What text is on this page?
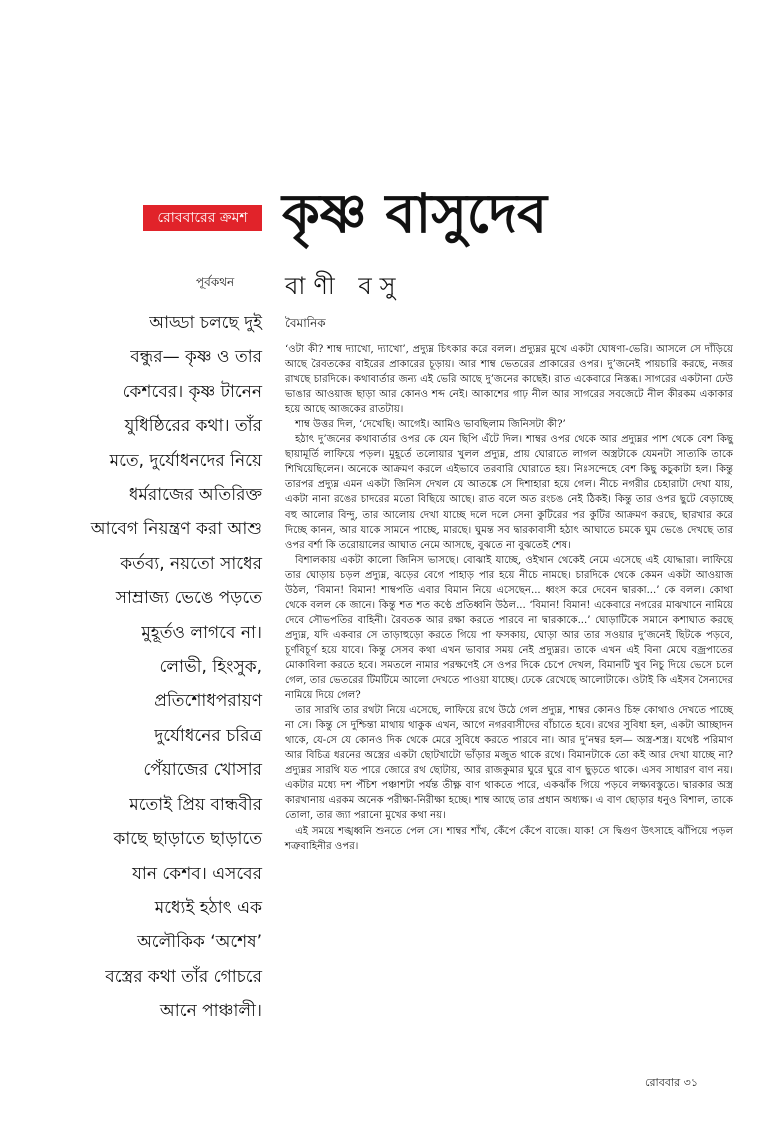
রোববারের ক্রমশ কৃষ্ণ বাসুদেব
পূর্বকথন বাণী বসু
আড্ডা চলছে দুই
বন্ধুর— কৃষ্ণ ও তার
কেশবের। কৃষ্ণ টানেন
যুধিষ্ঠিরের কথা। তাঁর
মতে, দুর্যোধনদের নিয়ে
ধর্মরাজের অতিরিক্ত
আবেগ নিয়ন্ত্রণ করা আশু
কর্তব্য, নয়তো সাধের
সাম্রাজ্য ভেঙে পড়তে
মুহূর্তও লাগবে না।
লোভী, হিংসুক,
প্রতিশোধপরায়ণ
দুর্যোধনের চরিত্র
পেঁয়াজের খোসার
মতোই প্রিয় বান্ধবীর
কাছে ছাড়াতে ছাড়াতে
যান কেশব। এসবের
মধ্যেই হঠাৎ এক
অলৌকিক ‘অশেষ’
বস্ত্রের কথা তাঁর গোচরে
আনে পাঞ্চালী।
বৈমানিক

‘ওটা কী? শাম্ব দ্যাখো, দ্যাখো’, প্রদ্যুম্ন চিৎকার করে বলল। প্রদ্যুম্নর মুখে একটা ঘোষণা-ভেরি। আসলে সে দাঁড়িয়ে আছে রৈবতকের বাইরের প্রাকারের চূড়ায়। আর শাম্ব ভেতরের প্রাকারের ওপর। দু’জনেই পায়চারি করছে, নজর রাখছে চারদিকে। কথাবার্তার জন্য এই ভেরি আছে দু’জনের কাছেই। রাত একেবারে নিস্তব্ধ। সাগরের একটানা ঢেউ ভাঙার আওয়াজ ছাড়া আর কোনও শব্দ নেই। আকাশের গাঢ় নীল আর সাগরের সবজেটে নীল কীরকম একাকার হয়ে আছে আজকের রাতটায়।

শাম্ব উত্তর দিল, ‘দেখেছি। আগেই। আমিও ভাবছিলাম জিনিসটা কী?’

হঠাৎ দু’জনের কথাবার্তার ওপর কে যেন ছিপি এঁটে দিল। শাম্বর ওপর থেকে আর প্রদ্যুম্নর পাশ থেকে বেশ কিছু ছায়ামূর্তি লাফিয়ে পড়ল। মুহূর্তে তলোয়ার খুলল প্রদ্যুম্ন, প্রায় ঘোরাতে লাগল অস্ত্রটাকে যেমনটা সাত্যকি তাকে শিখিয়েছিলেন। অনেকে আক্রমণ করলে এইভাবে তরবারি ঘোরাতে হয়। নিঃসন্দেহে বেশ কিছু কচুকাটা হল। কিন্তু তারপর প্রদ্যুম্ন এমন একটা জিনিস দেখল যে আতঙ্কে সে দিশাহারা হয়ে গেল। নীচে নগরীর চেহারাটা দেখা যায়, একটা নানা রঙের চাদরের মতো বিছিয়ে আছে। রাত বলে অত রংচঙ নেই ঠিকই। কিন্তু তার ওপর ছুটে বেড়াচ্ছে বহু আলোর বিন্দু, তার আলোয় দেখা যাচ্ছে দলে দলে সেনা কুটিরের পর কুটির আক্রমণ করছে, ছারখার করে দিচ্ছে কানন, আর যাকে সামনে পাচ্ছে, মারছে। ঘুমন্ত সব দ্বারকাবাসী হঠাৎ আঘাতে চমকে ঘুম ভেঙে দেখছে তার ওপর বর্শা কি তরোয়ালের আঘাত নেমে আসছে, বুঝতে না বুঝতেই শেষ।

বিশালকায় একটা কালো জিনিস ভাসছে। বোঝাই যাচ্ছে, ওইখান থেকেই নেমে এসেছে এই যোদ্ধারা। লাফিয়ে তার ঘোড়ায় চড়ল প্রদ্যুম্ন, ঝড়ের বেগে পাহাড় পার হয়ে নীচে নামছে। চারদিকে থেকে কেমন একটা আওয়াজ উঠল, ‘বিমান! বিমান! শাম্বপতি এবার বিমান নিয়ে এসেছেন... ধ্বংস করে দেবেন দ্বারকা...’ কে বলল। কোথা থেকে বলল কে জানে। কিন্তু শত শত কণ্ঠে প্রতিধ্বনি উঠল... ‘বিমান! বিমান! একেবারে নগরের মাঝখানে নামিয়ে দেবে সৌভপতির বাহিনী। রৈবতক আর রক্ষা করতে পারবে না দ্বারকাকে...’ ঘোড়াটিকে সমানে কশাঘাত করছে প্রদ্যুম্ন, যদি একবার সে তাড়াহুড়ো করতে গিয়ে পা ফসকায়, ঘোড়া আর তার সওয়ার দু’জনেই ছিটকে পড়বে, চূর্ণবিচূর্ণ হয়ে যাবে। কিন্তু সেসব কথা এখন ভাবার সময় নেই প্রদ্যুম্নর। তাকে এখন এই বিনা মেঘে বজ্রপাতের মোকাবিলা করতে হবে। সমতলে নামার পরক্ষণেই সে ওপর দিকে চেপে দেখল, বিমানটি খুব নিচু দিয়ে ভেসে চলে গেল, তার ভেতরের টিমটিমে আলো দেখতে পাওয়া যাচ্ছে। ঢেকে রেখেছে আলোটাকে। ওটাই কি এইসব সৈন্যদের নামিয়ে দিয়ে গেল?

তার সারথি তার রথটা নিয়ে এসেছে, লাফিয়ে রথে উঠে গেল প্রদ্যুম্ন, শাম্বর কোনও চিহ্ন কোথাও দেখতে পাচ্ছে না সে। কিন্তু সে দুশ্চিন্তা মাথায় থাকুক এখন, আগে নগরবাসীদের বাঁচাতে হবে। রথের সুবিধা হল, একটা আচ্ছাদন থাকে, যে-সে যে কোনও দিক থেকে মেরে সুবিধে করতে পারবে না। আর দু’নম্বর হল— অস্ত্র-শস্ত্র। যথেষ্ট পরিমাণ আর বিচিত্র ধরনের অস্ত্রের একটা ছোটখাটো ভাঁড়ার মজুত থাকে রথে। বিমানটাকে তো কই আর দেখা যাচ্ছে না? প্রদ্যুম্নর সারথি যত পারে জোরে রথ ছোটায়, আর রাজকুমার ঘুরে ঘুরে বাণ ছুড়তে থাকে। এসব সাধারণ বাণ নয়। একটার মধ্যে দশ পঁচিশ পঞ্চাশটা পর্যন্ত তীক্ষ্ণ বাণ থাকতে পারে, একঝাঁক গিয়ে পড়বে লক্ষ্যবস্তুতে। দ্বারকার অস্ত্র কারখানায় এরকম অনেক পরীক্ষা-নিরীক্ষা হচ্ছে। শাম্ব আছে তার প্রধান অধ্যক্ষ। এ বাণ ছোড়ার ধনুও বিশাল, তাকে তোলা, তার জ্যা পরানো মুখের কথা নয়।

এই সময়ে শঙ্খধ্বনি শুনতে পেল সে। শাম্বর শাঁখ, কেঁপে কেঁপে বাজে। যাক! সে দ্বিগুণ উৎসাহে ঝাঁপিয়ে পড়ল শত্রুবাহিনীর ওপর।

রোববার ৩১
